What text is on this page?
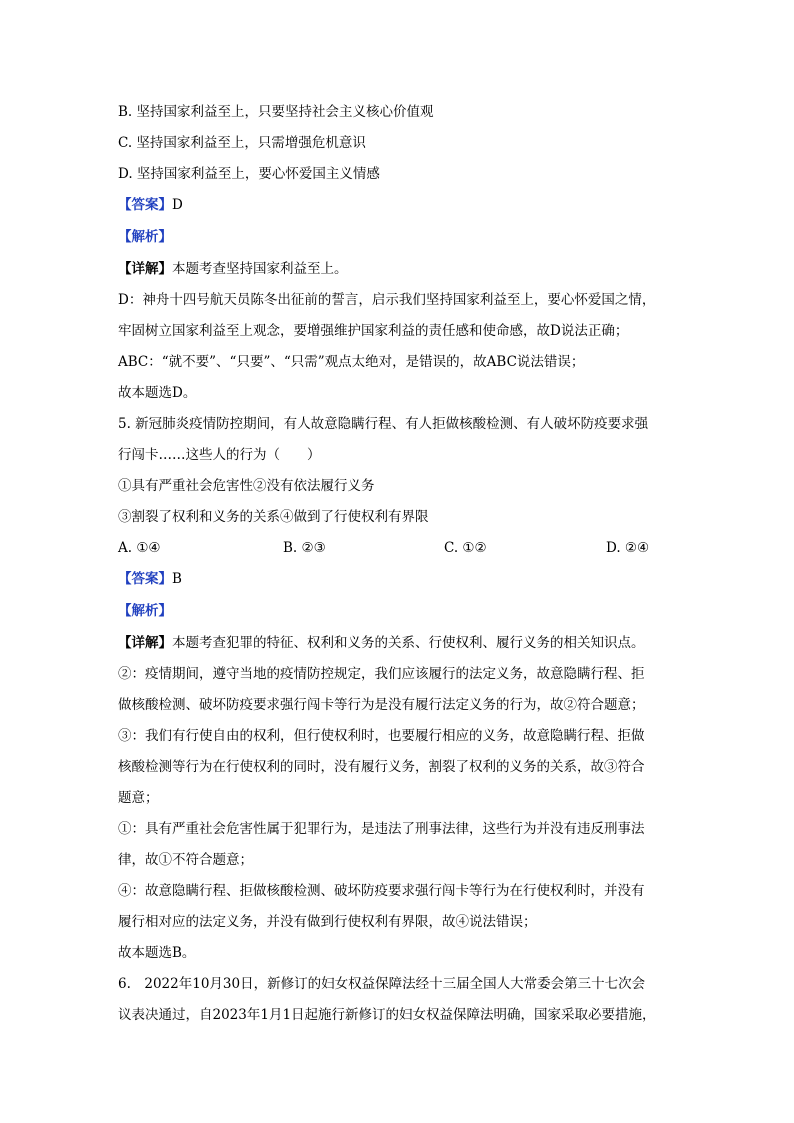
B. 坚持国家利益至上，只要坚持社会主义核心价值观
C. 坚持国家利益至上，只需增强危机意识
D. 坚持国家利益至上，要心怀爱国主义情感
【答案】D
【解析】
【详解】本题考查坚持国家利益至上。
D：神舟十四号航天员陈冬出征前的誓言，启示我们坚持国家利益至上，要心怀爱国之情，
牢固树立国家利益至上观念，要增强维护国家利益的责任感和使命感，故D说法正确；
ABC：“就不要”、“只要”、“只需”观点太绝对，是错误的，故ABC说法错误；
故本题选D。
5. 新冠肺炎疫情防控期间，有人故意隐瞒行程、有人拒做核酸检测、有人破坏防疫要求强
行闯卡……这些人的行为（　　）
①具有严重社会危害性②没有依法履行义务
③割裂了权利和义务的关系④做到了行使权利有界限
A. ①④	B. ②③	C. ①②	D. ②④
【答案】B
【解析】
【详解】本题考查犯罪的特征、权利和义务的关系、行使权利、履行义务的相关知识点。
②：疫情期间，遵守当地的疫情防控规定，我们应该履行的法定义务，故意隐瞒行程、拒
做核酸检测、破坏防疫要求强行闯卡等行为是没有履行法定义务的行为，故②符合题意；
③：我们有行使自由的权利，但行使权利时，也要履行相应的义务，故意隐瞒行程、拒做
核酸检测等行为在行使权利的同时，没有履行义务，割裂了权利的义务的关系，故③符合
题意；
①：具有严重社会危害性属于犯罪行为，是违法了刑事法律，这些行为并没有违反刑事法
律，故①不符合题意；
④：故意隐瞒行程、拒做核酸检测、破坏防疫要求强行闯卡等行为在行使权利时，并没有
履行相对应的法定义务，并没有做到行使权利有界限，故④说法错误；
故本题选B。
6.　2022年10月30日，新修订的妇女权益保障法经十三届全国人大常委会第三十七次会
议表决通过，自2023年1月1日起施行新修订的妇女权益保障法明确，国家采取必要措施，
